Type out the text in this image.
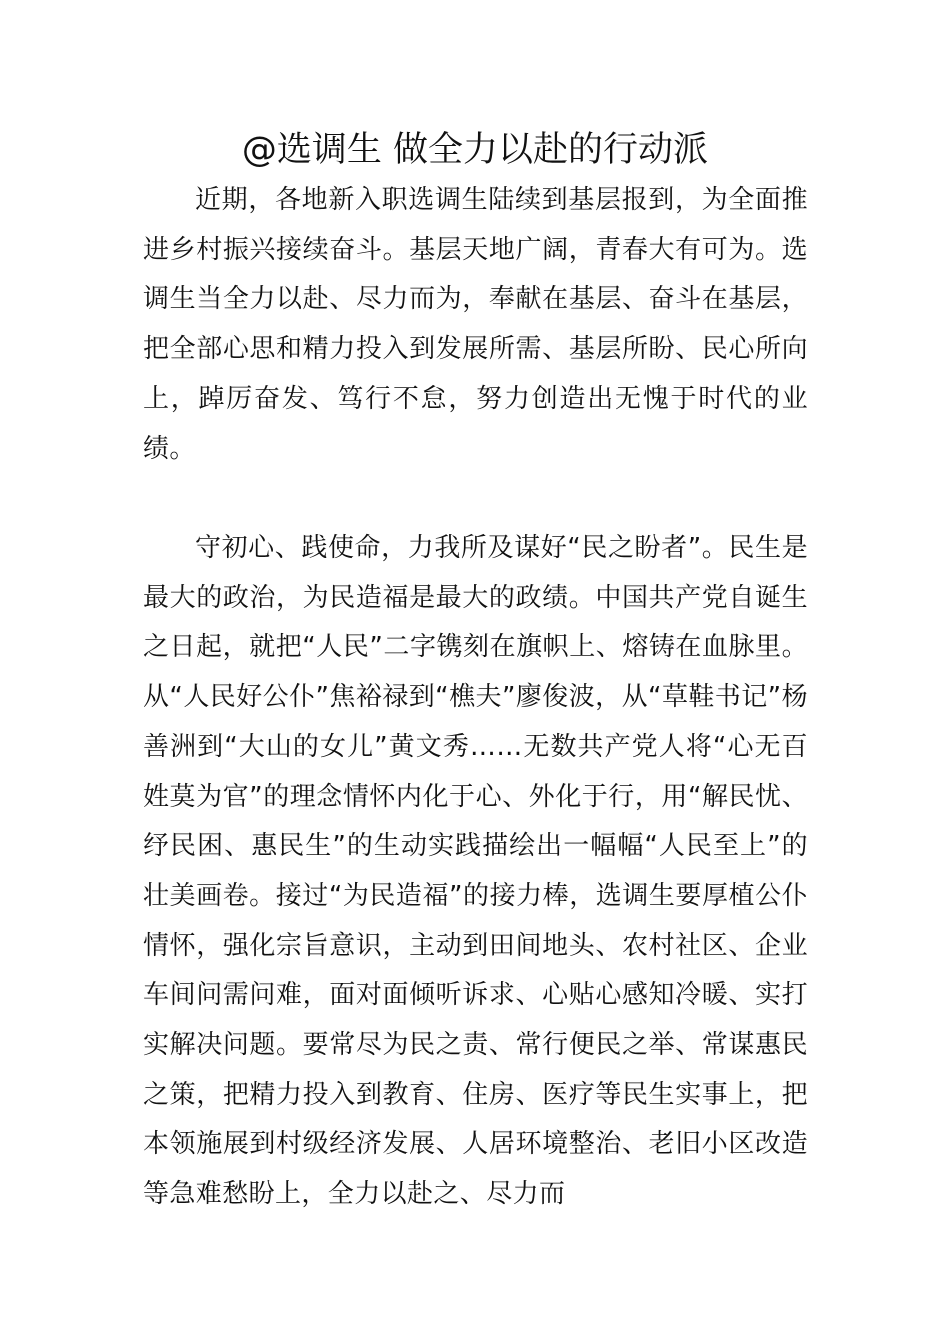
@选调生 做全力以赴的行动派

近期，各地新入职选调生陆续到基层报到，为全面推进乡村振兴接续奋斗。基层天地广阔，青春大有可为。选调生当全力以赴、尽力而为，奉献在基层、奋斗在基层，把全部心思和精力投入到发展所需、基层所盼、民心所向上，踔厉奋发、笃行不怠，努力创造出无愧于时代的业绩。

守初心、践使命，力我所及谋好“民之盼者”。民生是最大的政治，为民造福是最大的政绩。中国共产党自诞生之日起，就把“人民”二字镌刻在旗帜上、熔铸在血脉里。从“人民好公仆”焦裕禄到“樵夫”廖俊波，从“草鞋书记”杨善洲到“大山的女儿”黄文秀……无数共产党人将“心无百姓莫为官”的理念情怀内化于心、外化于行，用“解民忧、纾民困、惠民生”的生动实践描绘出一幅幅“人民至上”的壮美画卷。接过“为民造福”的接力棒，选调生要厚植公仆情怀，强化宗旨意识，主动到田间地头、农村社区、企业车间问需问难，面对面倾听诉求、心贴心感知冷暖、实打实解决问题。要常尽为民之责、常行便民之举、常谋惠民之策，把精力投入到教育、住房、医疗等民生实事上，把本领施展到村级经济发展、人居环境整治、老旧小区改造等急难愁盼上，全力以赴之、尽力而
